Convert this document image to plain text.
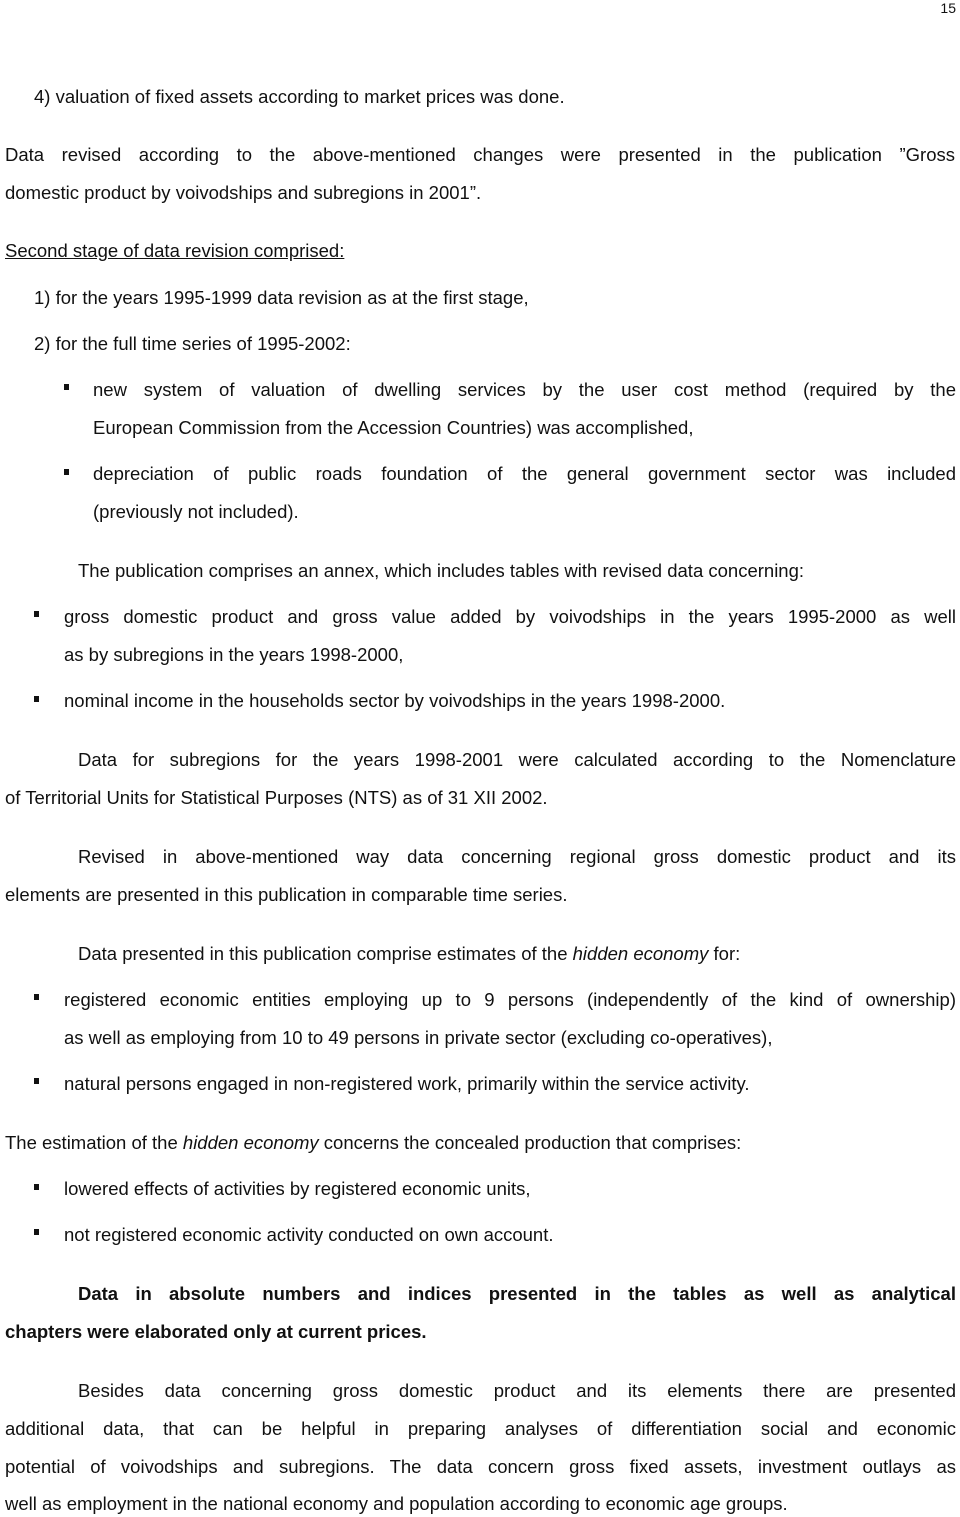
15
4) valuation of fixed assets according to market prices was done.
Data revised according to the above-mentioned changes were presented in the publication ”Gross
domestic product by voivodships and subregions in 2001”.
Second stage of data revision comprised:
1) for the years 1995-1999 data revision as at the first stage,
2) for the full time series of 1995-2002:
new system of valuation of dwelling services by the user cost method (required by the
European Commission from the Accession Countries) was accomplished,
depreciation of public roads foundation of the general government sector was included
(previously not included).
The publication comprises an annex, which includes tables with revised data concerning:
gross domestic product and gross value added by voivodships in the years 1995-2000 as well
as by subregions in the years 1998-2000,
nominal income in the households sector by voivodships in the years 1998-2000.
Data for subregions for the years 1998-2001 were calculated according to the Nomenclature
of Territorial Units for Statistical Purposes (NTS) as of 31 XII 2002.
Revised in above-mentioned way data concerning regional gross domestic product and its
elements are presented in this publication in comparable time series.
Data presented in this publication comprise estimates of the hidden economy for:
registered economic entities employing up to 9 persons (independently of the kind of ownership)
as well as employing from 10 to 49 persons in private sector (excluding co-operatives),
natural persons engaged in non-registered work, primarily within the service activity.
The estimation of the hidden economy concerns the concealed production that comprises:
lowered effects of activities by registered economic units,
not registered economic activity conducted on own account.
Data in absolute numbers and indices presented in the tables as well as analytical
chapters were elaborated only at current prices.
Besides data concerning gross domestic product and its elements there are presented
additional data, that can be helpful in preparing analyses of differentiation social and economic
potential of voivodships and subregions. The data concern gross fixed assets, investment outlays as
well as employment in the national economy and population according to economic age groups.
